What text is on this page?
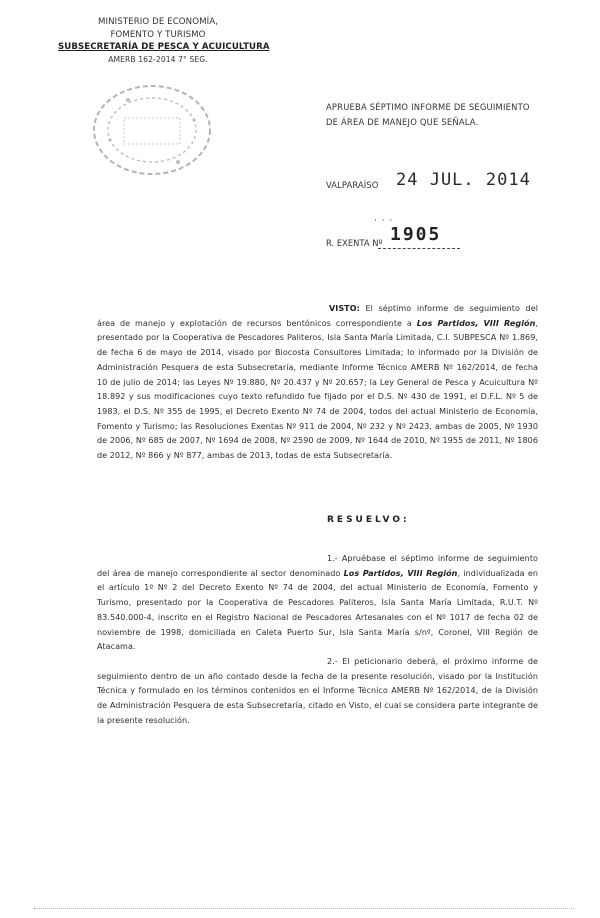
MINISTERIO DE ECONOMÍA,
FOMENTO Y TURISMO
SUBSECRETARÍA DE PESCA Y ACUICULTURA
AMERB 162-2014 7° SEG.
APRUEBA SÉPTIMO INFORME DE SEGUIMIENTO
DE ÁREA DE MANEJO QUE SEÑALA.
VALPARAÍSO 24 JUL. 2014
· · ·
R. EXENTA Nº 1905
VISTO: El séptimo informe de seguimiento del área de manejo y explotación de recursos bentónicos correspondiente a Los Partidos, VIII Región, presentado por la Cooperativa de Pescadores Paliteros, Isla Santa María Limitada, C.I. SUBPESCA Nº 1.869, de fecha 6 de mayo de 2014, visado por Biocosta Consultores Limitada; lo informado por la División de Administración Pesquera de esta Subsecretaría, mediante Informe Técnico AMERB Nº 162/2014, de fecha 10 de julio de 2014; las Leyes Nº 19.880, Nº 20.437 y Nº 20.657; la Ley General de Pesca y Acuicultura Nº 18.892 y sus modificaciones cuyo texto refundido fue fijado por el D.S. Nº 430 de 1991, el D.F.L. Nº 5 de 1983, el D.S. Nº 355 de 1995, el Decreto Exento Nº 74 de 2004, todos del actual Ministerio de Economía, Fomento y Turismo; las Resoluciones Exentas Nº 911 de 2004, Nº 232 y Nº 2423, ambas de 2005, Nº 1930 de 2006, Nº 685 de 2007, Nº 1694 de 2008, Nº 2590 de 2009, Nº 1644 de 2010, Nº 1955 de 2011, Nº 1806 de 2012, Nº 866 y Nº 877, ambas de 2013, todas de esta Subsecretaría.
RESUELVO:
1.- Apruébase el séptimo informe de seguimiento del área de manejo correspondiente al sector denominado Los Partidos, VIII Región, individualizada en el artículo 1º Nº 2 del Decreto Exento Nº 74 de 2004, del actual Ministerio de Economía, Fomento y Turismo, presentado por la Cooperativa de Pescadores Paliteros, Isla Santa María Limitada, R.U.T. Nº 83.540.000-4, inscrito en el Registro Nacional de Pescadores Artesanales con el Nº 1017 de fecha 02 de noviembre de 1998, domiciliada en Caleta Puerto Sur, Isla Santa María s/nº, Coronel, VIII Región de Atacama.
2.- El peticionario deberá, el próximo informe de seguimiento dentro de un año contado desde la fecha de la presente resolución, visado por la Institución Técnica y formulado en los términos contenidos en el Informe Técnico AMERB Nº 162/2014, de la División de Administración Pesquera de esta Subsecretaría, citado en Visto, el cual se considera parte integrante de la presente resolución.
